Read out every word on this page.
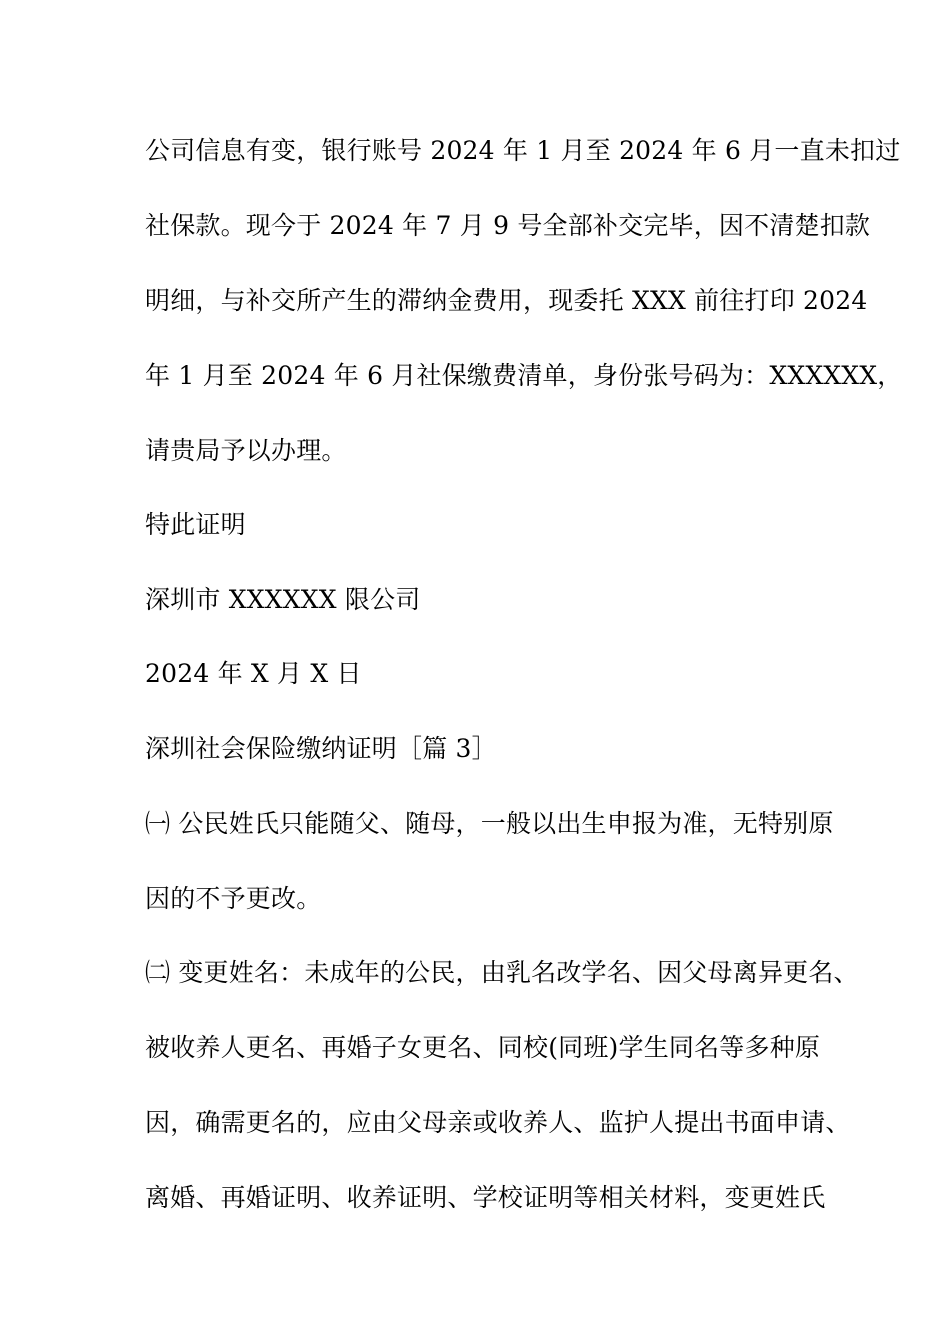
公司信息有变，银行账号 2024 年 1 月至 2024 年 6 月一直未扣过
社保款。现今于 2024 年 7 月 9 号全部补交完毕，因不清楚扣款
明细，与补交所产生的滞纳金费用，现委托 XXX 前往打印 2024
年 1 月至 2024 年 6 月社保缴费清单，身份张号码为：XXXXXX，
请贵局予以办理。
特此证明
深圳市 XXXXXX 限公司
2024 年 X 月 X 日
深圳社会保险缴纳证明［篇 3］
㈠ 公民姓氏只能随父、随母，一般以出生申报为准，无特别原
因的不予更改。
㈡ 变更姓名：未成年的公民，由乳名改学名、因父母离异更名、
被收养人更名、再婚子女更名、同校(同班)学生同名等多种原
因，确需更名的，应由父母亲或收养人、监护人提出书面申请、
离婚、再婚证明、收养证明、学校证明等相关材料，变更姓氏
